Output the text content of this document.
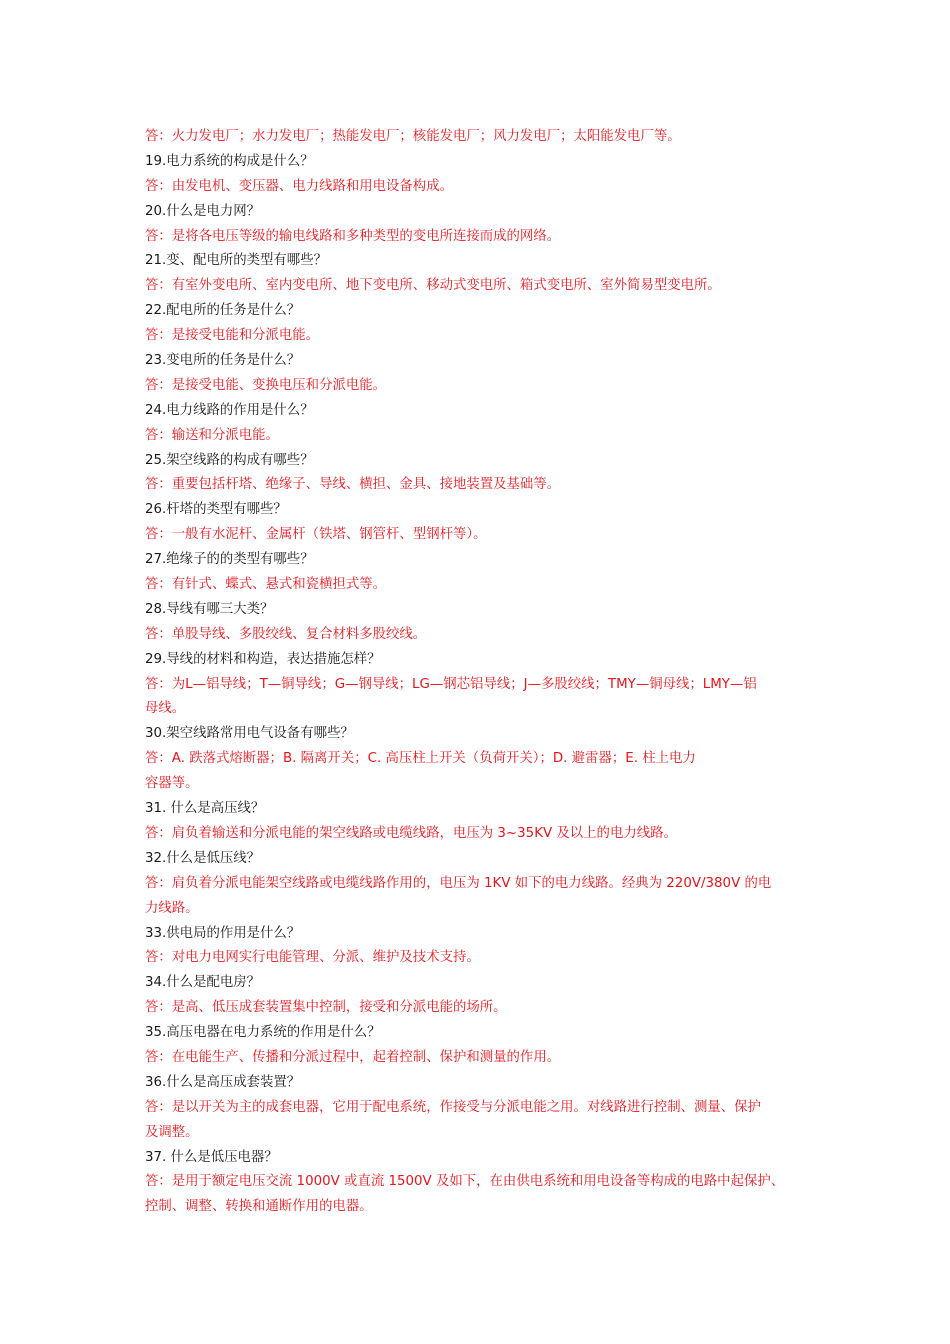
答：火力发电厂；水力发电厂；热能发电厂；核能发电厂；风力发电厂；太阳能发电厂等。
19.电力系统的构成是什么？
答：由发电机、变压器、电力线路和用电设备构成。
20.什么是电力网？
答：是将各电压等级的输电线路和多种类型的变电所连接而成的网络。
21.变、配电所的类型有哪些？
答：有室外变电所、室内变电所、地下变电所、移动式变电所、箱式变电所、室外简易型变电所。
22.配电所的任务是什么？
答：是接受电能和分派电能。
23.变电所的任务是什么？
答：是接受电能、变换电压和分派电能。
24.电力线路的作用是什么？
答：输送和分派电能。
25.架空线路的构成有哪些？
答：重要包括杆塔、绝缘子、导线、横担、金具、接地装置及基础等。
26.杆塔的类型有哪些？
答：一般有水泥杆、金属杆（铁塔、钢管杆、型钢杆等）。
27.绝缘子的的类型有哪些？
答：有针式、蝶式、悬式和瓷横担式等。
28.导线有哪三大类？
答：单股导线、多股绞线、复合材料多股绞线。
29.导线的材料和构造，表达措施怎样？
答：为L—铝导线；T—铜导线；G—钢导线；LG—钢芯铝导线；J—多股绞线；TMY—铜母线；LMY—铝
母线。
30.架空线路常用电气设备有哪些？
答：A. 跌落式熔断器；B. 隔离开关；C. 高压柱上开关（负荷开关）；D. 避雷器；E. 柱上电力
容器等。
31. 什么是高压线？
答：肩负着输送和分派电能的架空线路或电缆线路，电压为 3~35KV 及以上的电力线路。
32.什么是低压线？
答：肩负着分派电能架空线路或电缆线路作用的，电压为 1KV 如下的电力线路。经典为 220V/380V 的电
力线路。
33.供电局的作用是什么？
答：对电力电网实行电能管理、分派、维护及技术支持。
34.什么是配电房？
答：是高、低压成套装置集中控制，接受和分派电能的场所。
35.高压电器在电力系统的作用是什么？
答：在电能生产、传播和分派过程中，起着控制、保护和测量的作用。
36.什么是高压成套装置？
答：是以开关为主的成套电器，它用于配电系统，作接受与分派电能之用。对线路进行控制、测量、保护
及调整。
37. 什么是低压电器？
答：是用于额定电压交流 1000V 或直流 1500V 及如下，在由供电系统和用电设备等构成的电路中起保护、
控制、调整、转换和通断作用的电器。
